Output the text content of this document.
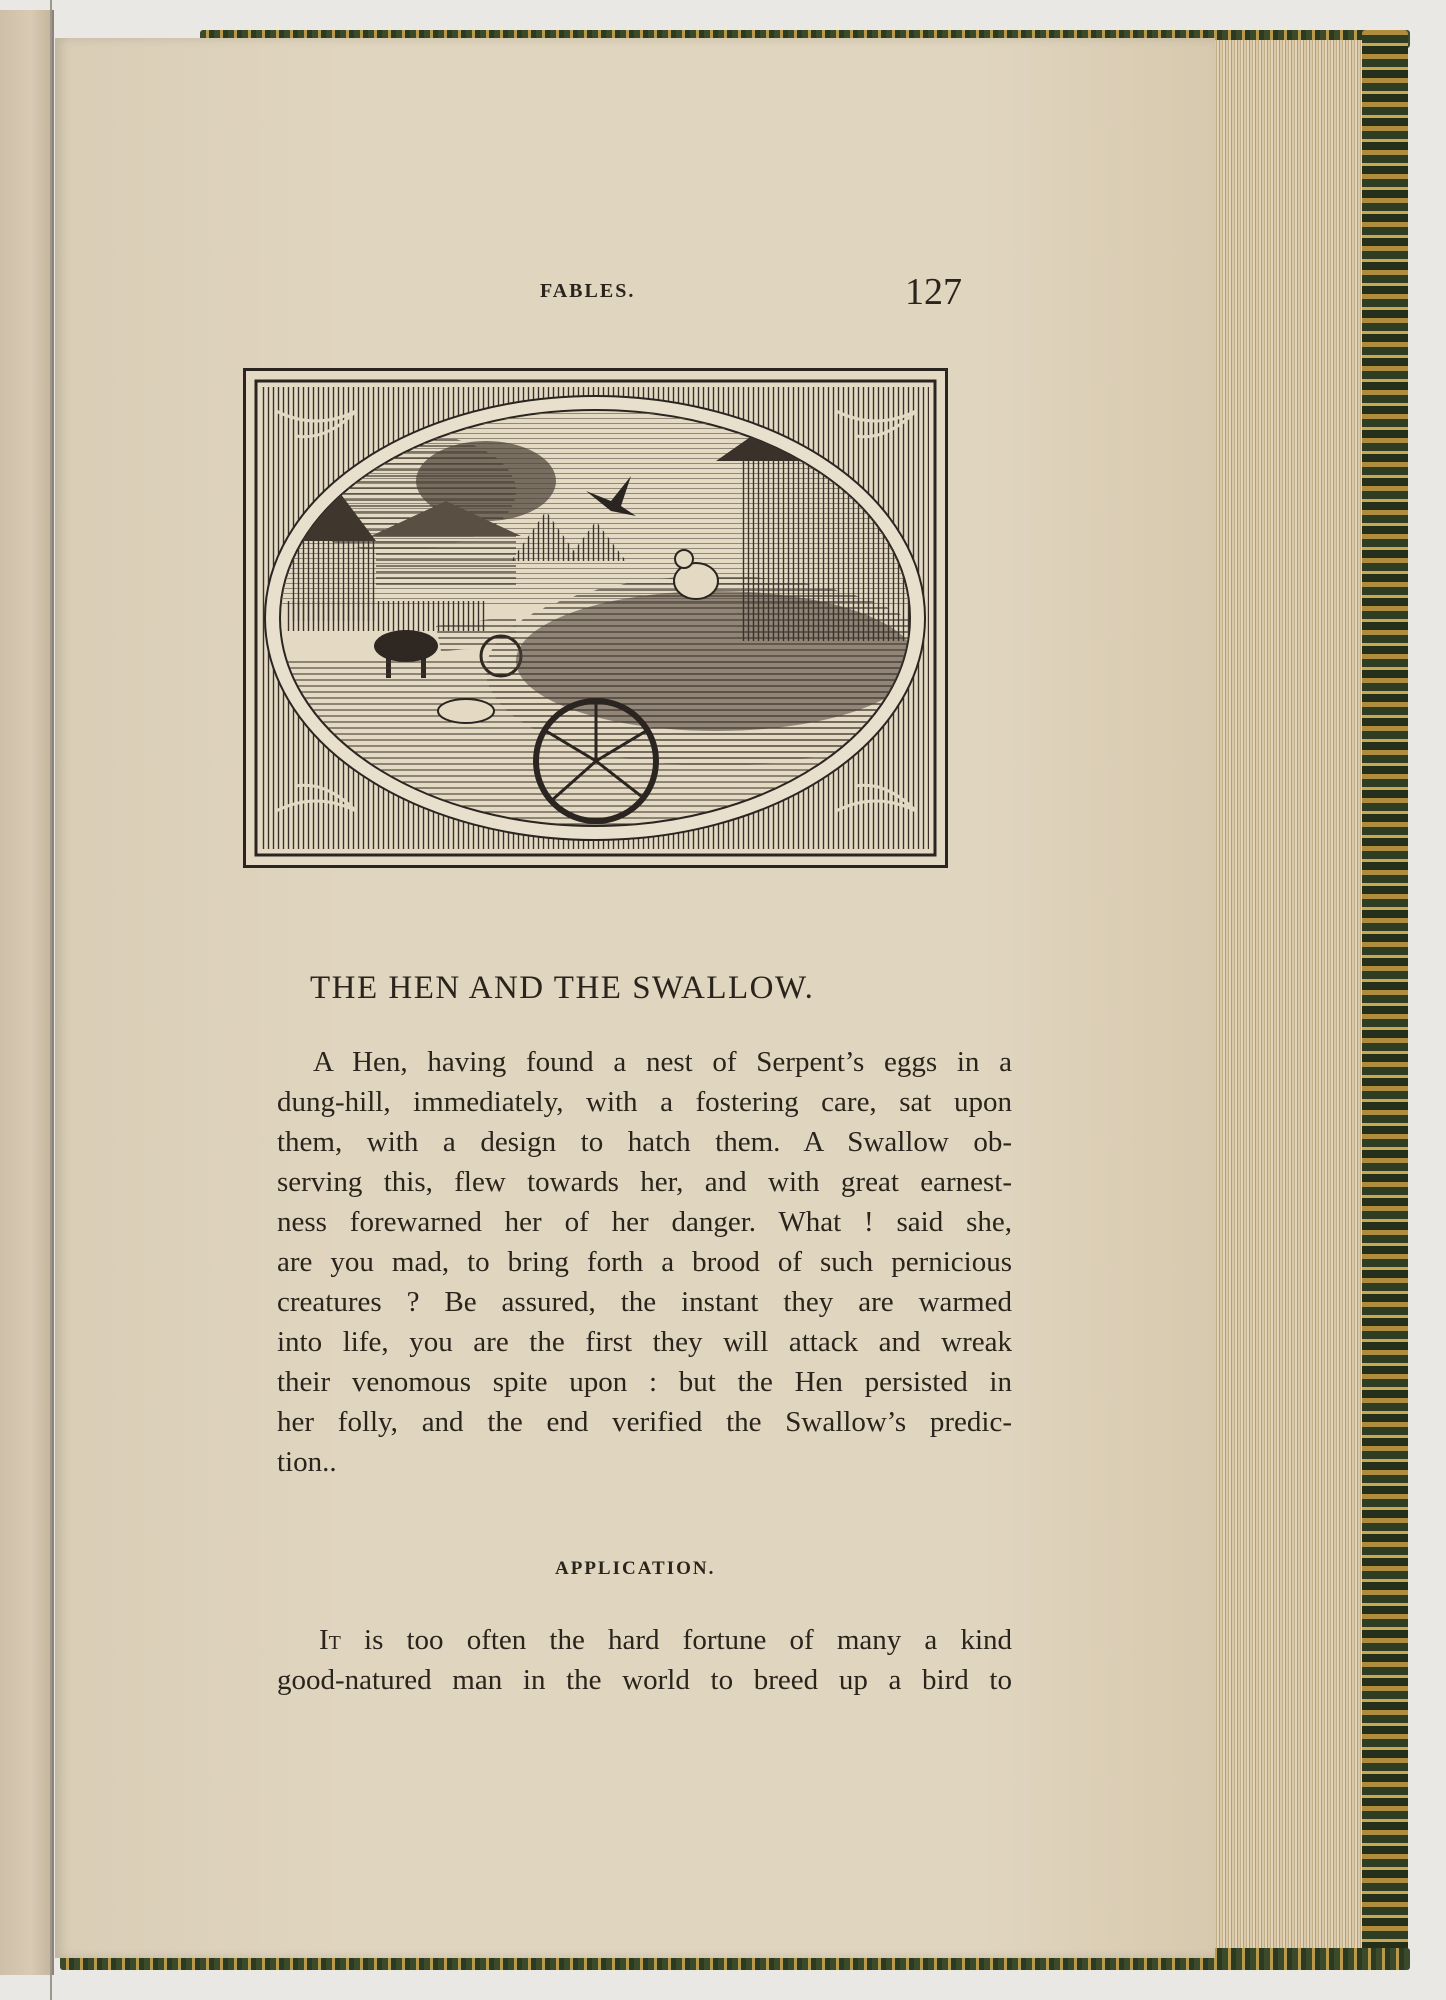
FABLES.	127
THE HEN AND THE SWALLOW.
A Hen, having found a nest of Serpent’s eggs in a
dung-hill, immediately, with a fostering care, sat upon
them, with a design to hatch them. A Swallow ob-
serving this, flew towards her, and with great earnest-
ness forewarned her of her danger. What ! said she,
are you mad, to bring forth a brood of such pernicious
creatures ? Be assured, the instant they are warmed
into life, you are the first they will attack and wreak
their venomous spite upon : but the Hen persisted in
her folly, and the end verified the Swallow’s predic-
tion..
APPLICATION.
It is too often the hard fortune of many a kind
good-natured man in the world to breed up a bird to
